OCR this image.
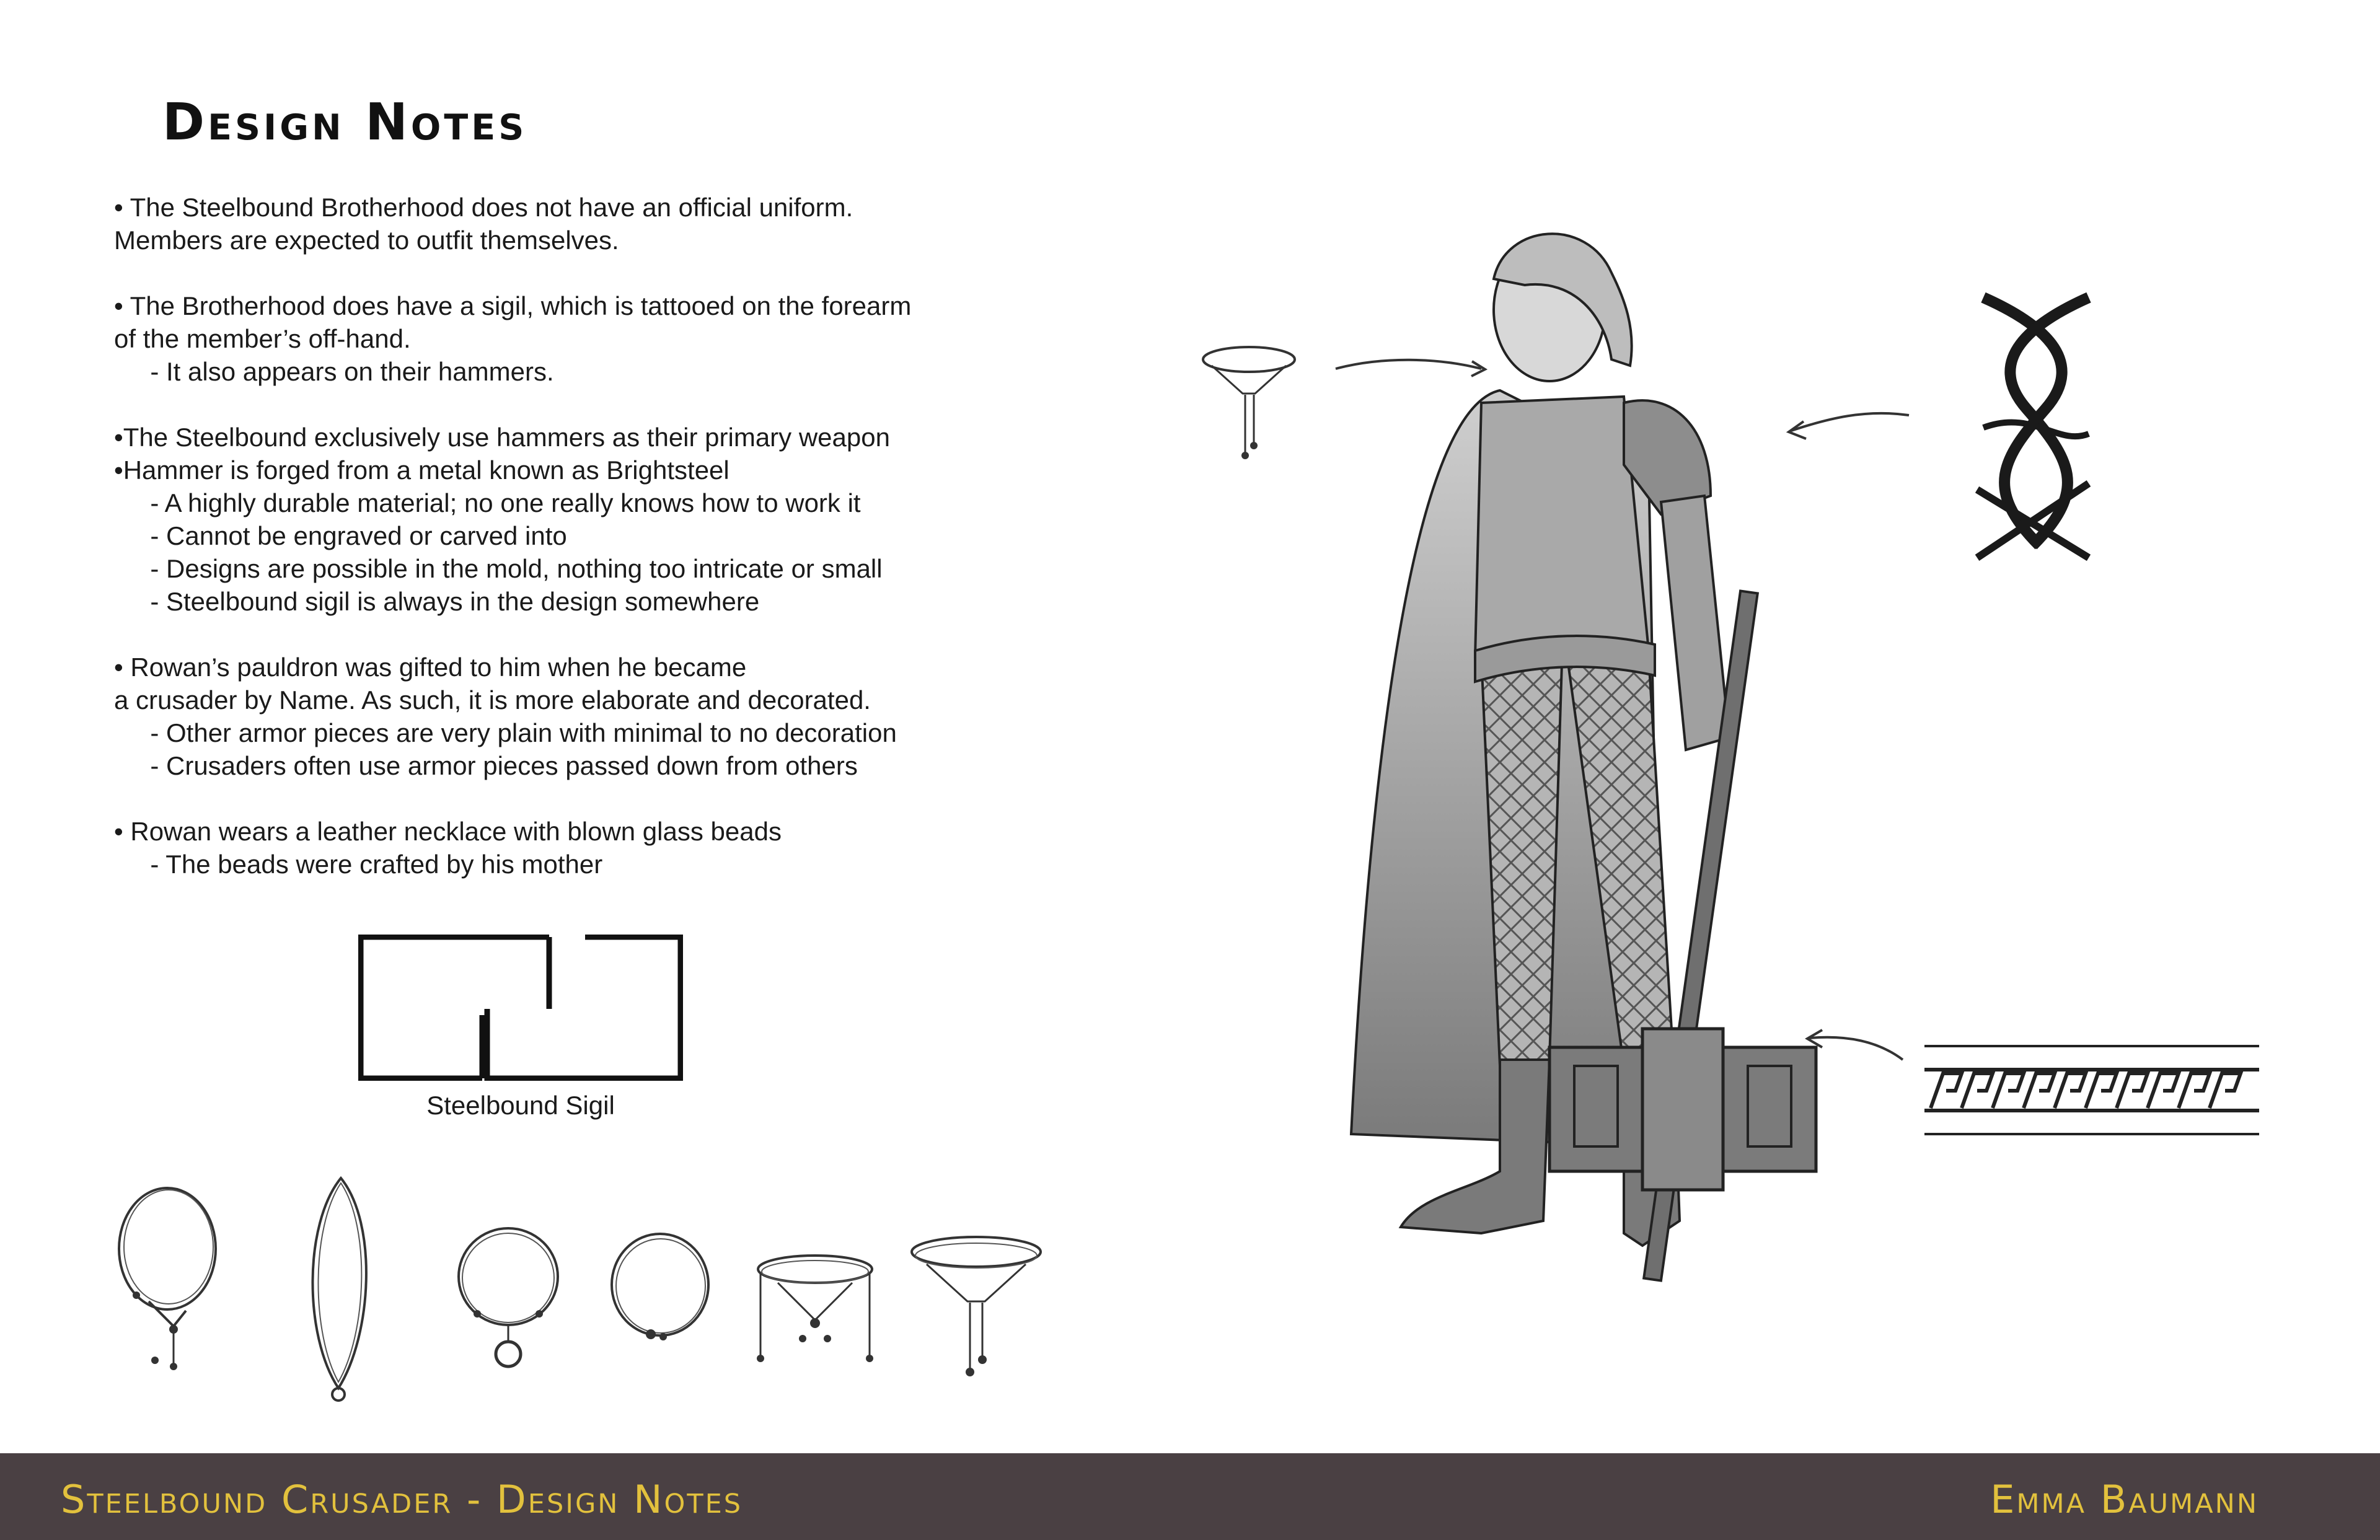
Design Notes
• The Steelbound Brotherhood does not have an official uniform.
Members are expected to outfit themselves.
• The Brotherhood does have a sigil, which is tattooed on the forearm
of the member’s off-hand.
- It also appears on their hammers.
•The Steelbound exclusively use hammers as their primary weapon
•Hammer is forged from a metal known as Brightsteel
- A highly durable material; no one really knows how to work it
- Cannot be engraved or carved into
- Designs are possible in the mold, nothing too intricate or small
- Steelbound sigil is always in the design somewhere
• Rowan’s pauldron was gifted to him when he became
a crusader by Name. As such, it is more elaborate and decorated.
- Other armor pieces are very plain with minimal to no decoration
- Crusaders often use armor pieces passed down from others
• Rowan wears a leather necklace with blown glass beads
- The beads were crafted by his mother
Steelbound Sigil
Steelbound Crusader - Design Notes	Emma Baumann
